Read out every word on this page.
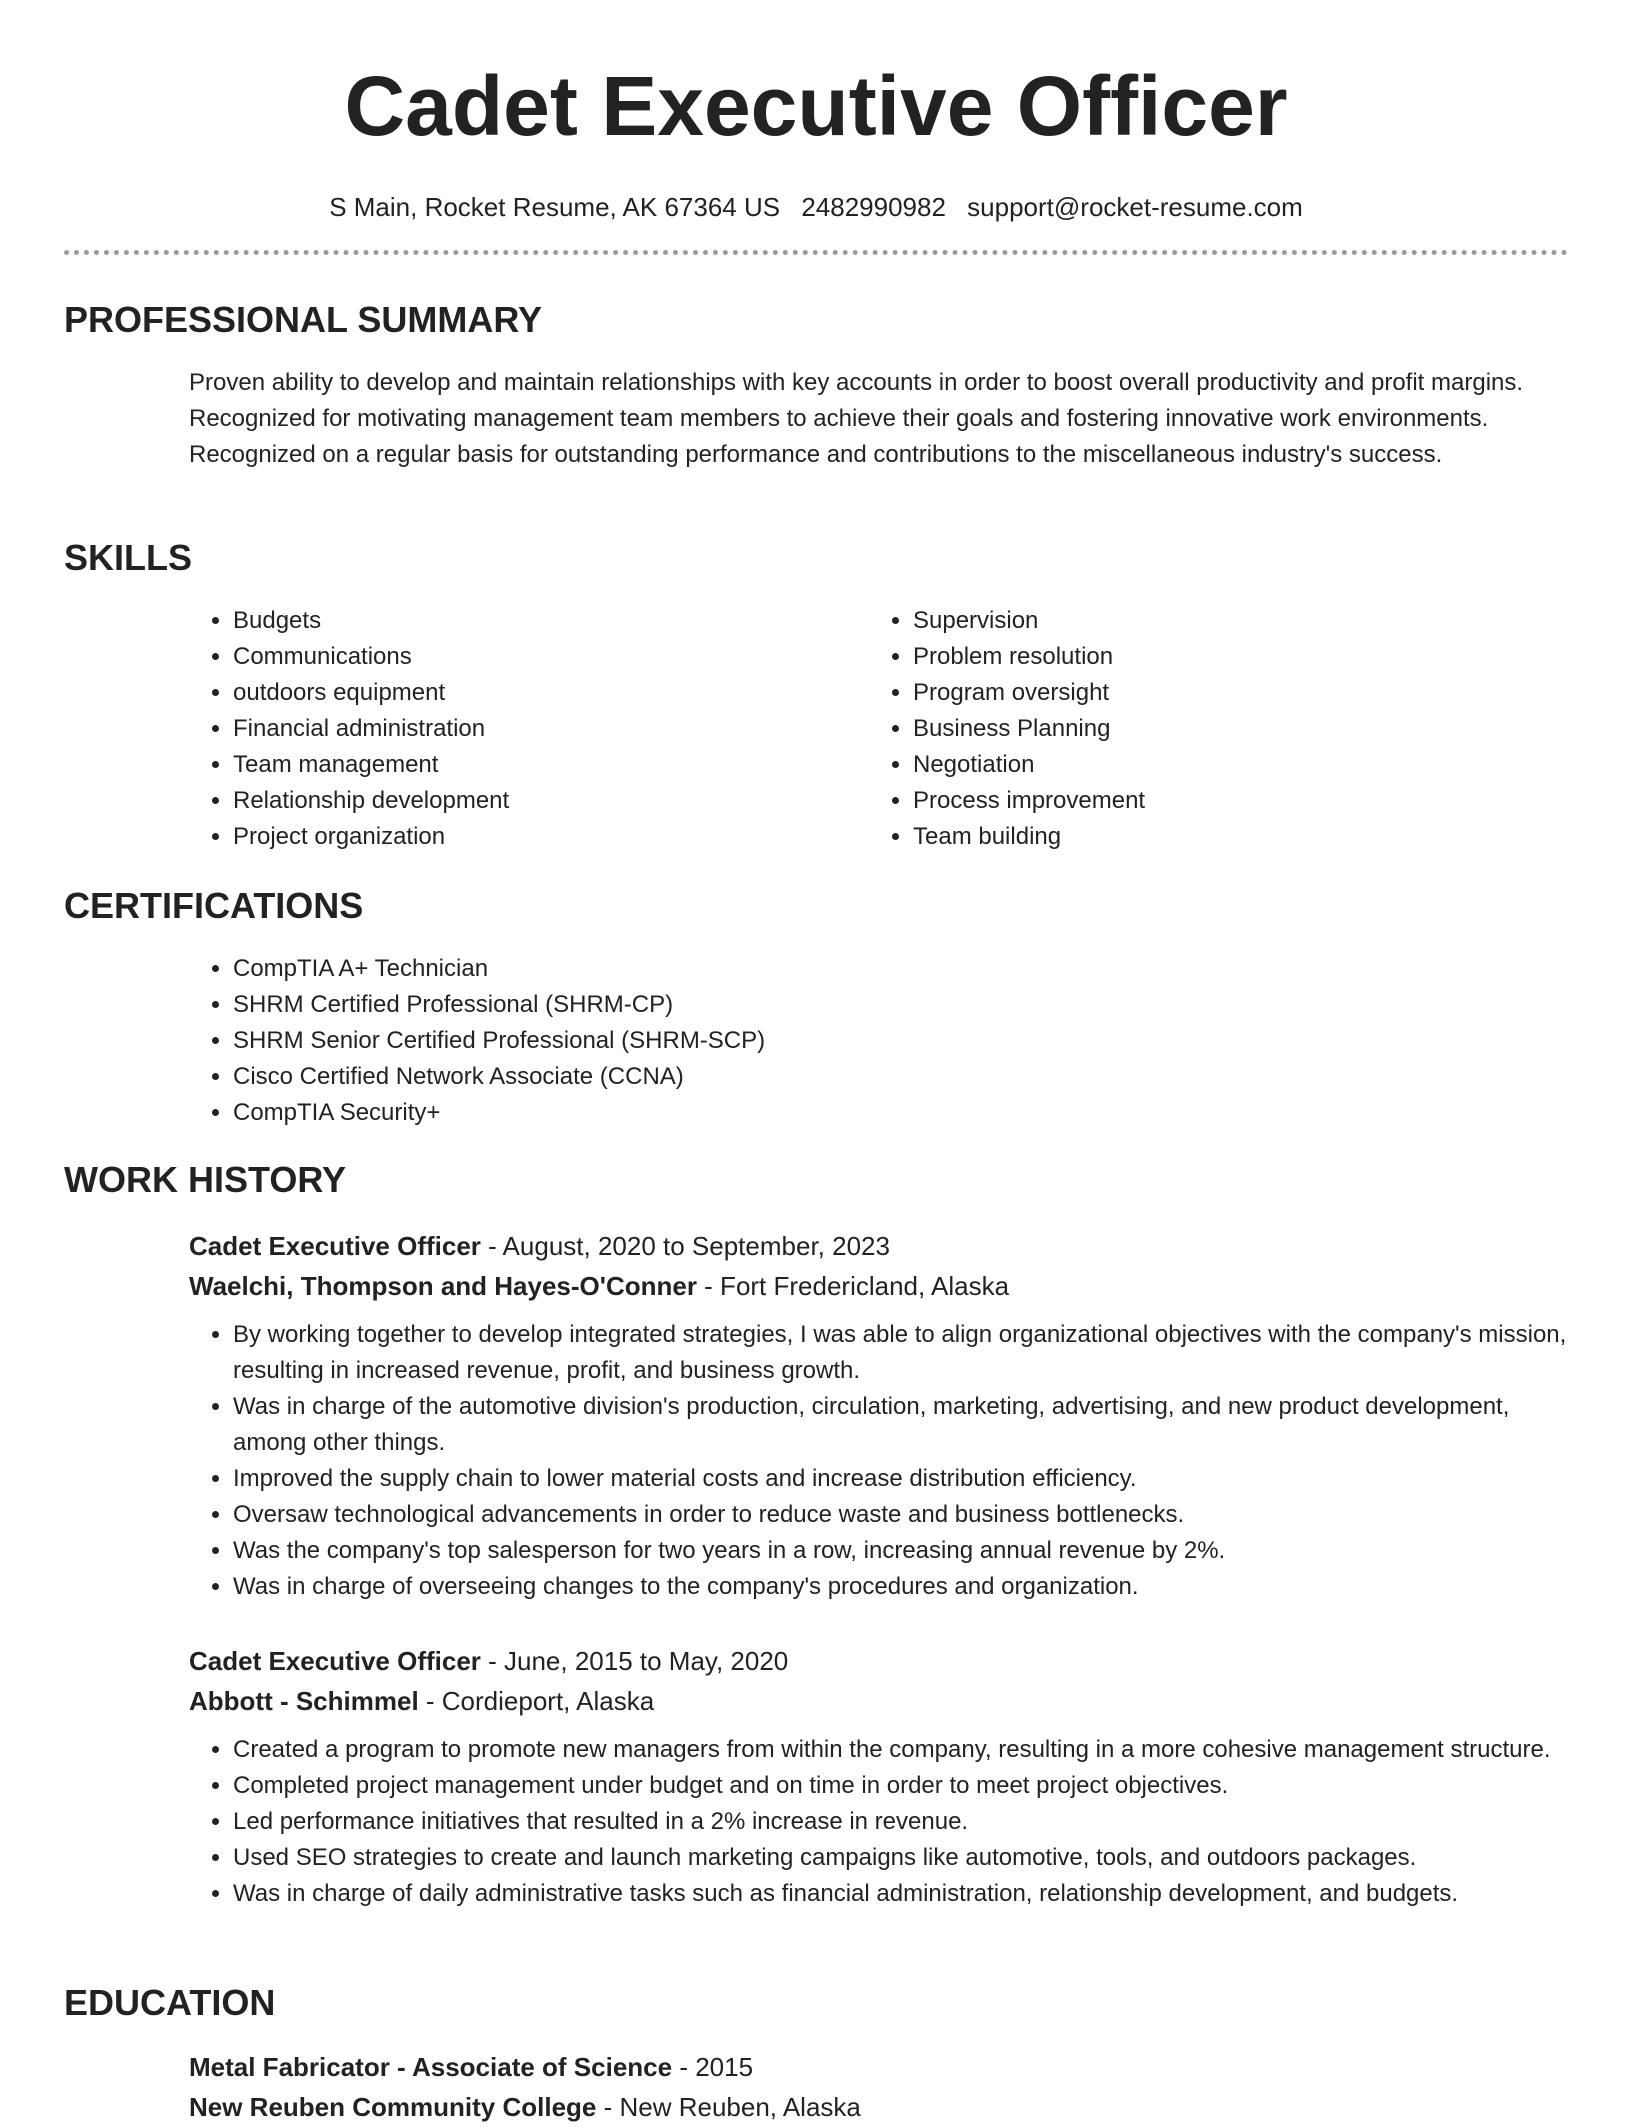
Cadet Executive Officer
S Main, Rocket Resume, AK 67364 US 2482990982 support@rocket-resume.com
PROFESSIONAL SUMMARY
Proven ability to develop and maintain relationships with key accounts in order to boost overall productivity and profit margins. Recognized for motivating management team members to achieve their goals and fostering innovative work environments. Recognized on a regular basis for outstanding performance and contributions to the miscellaneous industry's success.
SKILLS
• Budgets
• Communications
• outdoors equipment
• Financial administration
• Team management
• Relationship development
• Project organization
• Supervision
• Problem resolution
• Program oversight
• Business Planning
• Negotiation
• Process improvement
• Team building
CERTIFICATIONS
• CompTIA A+ Technician
• SHRM Certified Professional (SHRM-CP)
• SHRM Senior Certified Professional (SHRM-SCP)
• Cisco Certified Network Associate (CCNA)
• CompTIA Security+
WORK HISTORY
Cadet Executive Officer - August, 2020 to September, 2023
Waelchi, Thompson and Hayes-O'Conner - Fort Fredericland, Alaska
• By working together to develop integrated strategies, I was able to align organizational objectives with the company's mission, resulting in increased revenue, profit, and business growth.
• Was in charge of the automotive division's production, circulation, marketing, advertising, and new product development, among other things.
• Improved the supply chain to lower material costs and increase distribution efficiency.
• Oversaw technological advancements in order to reduce waste and business bottlenecks.
• Was the company's top salesperson for two years in a row, increasing annual revenue by 2%.
• Was in charge of overseeing changes to the company's procedures and organization.
Cadet Executive Officer - June, 2015 to May, 2020
Abbott - Schimmel - Cordieport, Alaska
• Created a program to promote new managers from within the company, resulting in a more cohesive management structure.
• Completed project management under budget and on time in order to meet project objectives.
• Led performance initiatives that resulted in a 2% increase in revenue.
• Used SEO strategies to create and launch marketing campaigns like automotive, tools, and outdoors packages.
• Was in charge of daily administrative tasks such as financial administration, relationship development, and budgets.
EDUCATION
Metal Fabricator - Associate of Science - 2015
New Reuben Community College - New Reuben, Alaska
